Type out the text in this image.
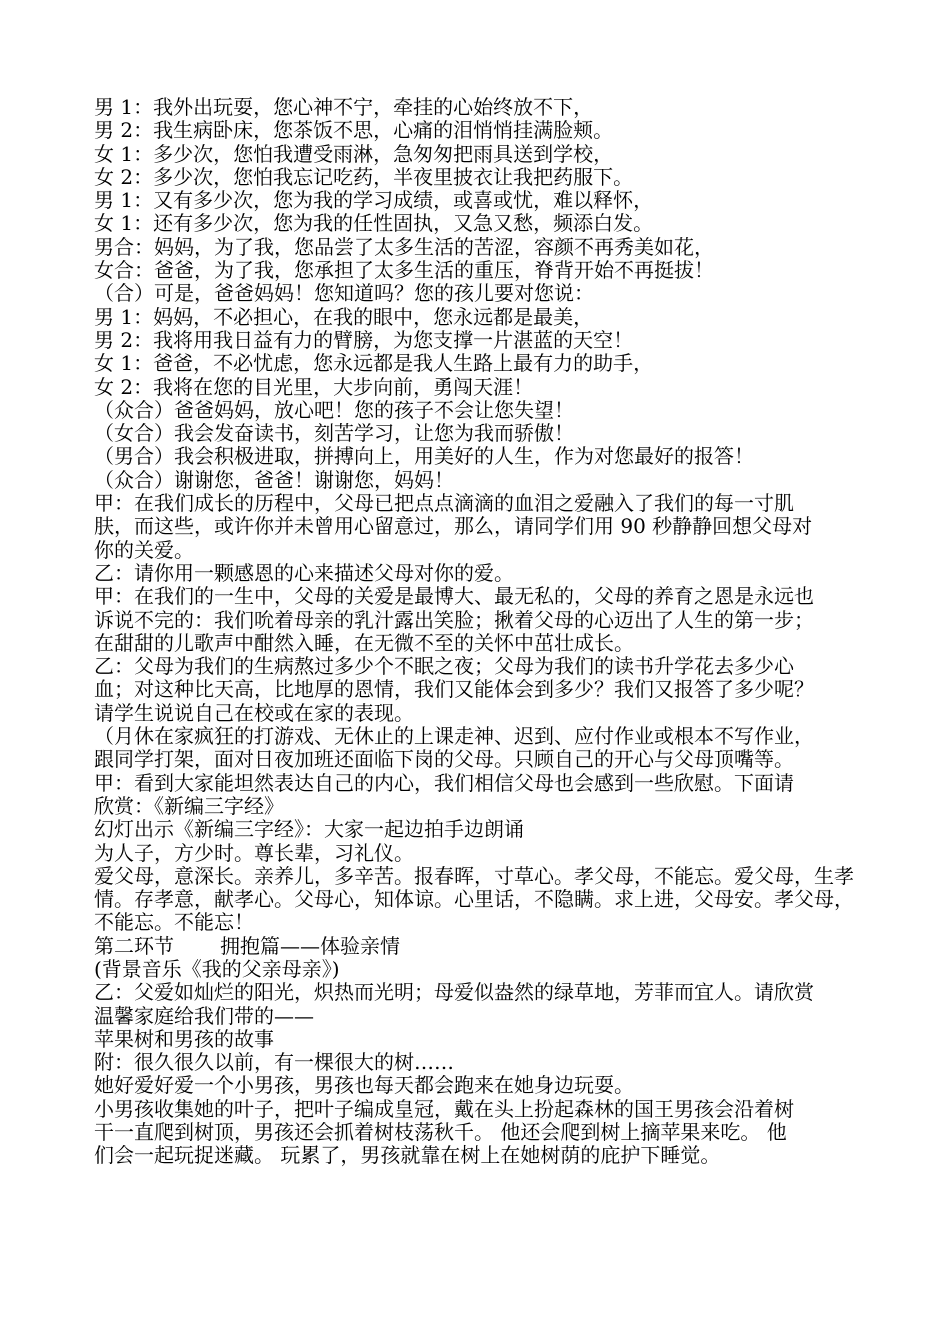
男 1：我外出玩耍，您心神不宁，牵挂的心始终放不下，
男 2：我生病卧床，您茶饭不思，心痛的泪悄悄挂满脸颊。
女 1：多少次，您怕我遭受雨淋，急匆匆把雨具送到学校，
女 2：多少次，您怕我忘记吃药，半夜里披衣让我把药服下。
男 1：又有多少次，您为我的学习成绩，或喜或忧，难以释怀，
女 1：还有多少次，您为我的任性固执，又急又愁，频添白发。
男合：妈妈，为了我，您品尝了太多生活的苦涩，容颜不再秀美如花，
女合：爸爸，为了我，您承担了太多生活的重压，脊背开始不再挺拔！
（合）可是，爸爸妈妈！您知道吗？您的孩儿要对您说：
男 1：妈妈，不必担心，在我的眼中，您永远都是最美，
男 2：我将用我日益有力的臂膀，为您支撑一片湛蓝的天空！
女 1：爸爸，不必忧虑，您永远都是我人生路上最有力的助手，
女 2：我将在您的目光里，大步向前，勇闯天涯！
（众合）爸爸妈妈，放心吧！您的孩子不会让您失望！
（女合）我会发奋读书，刻苦学习，让您为我而骄傲！
（男合）我会积极进取，拼搏向上，用美好的人生，作为对您最好的报答！
（众合）谢谢您，爸爸！谢谢您，妈妈！
甲：在我们成长的历程中，父母已把点点滴滴的血泪之爱融入了我们的每一寸肌
肤，而这些，或许你并未曾用心留意过，那么，请同学们用 90 秒静静回想父母对
你的关爱。
乙：请你用一颗感恩的心来描述父母对你的爱。
甲：在我们的一生中，父母的关爱是最博大、最无私的，父母的养育之恩是永远也
诉说不完的：我们吮着母亲的乳汁露出笑脸；揪着父母的心迈出了人生的第一步；
在甜甜的儿歌声中酣然入睡，在无微不至的关怀中茁壮成长。
乙：父母为我们的生病熬过多少个不眠之夜；父母为我们的读书升学花去多少心
血；对这种比天高，比地厚的恩情，我们又能体会到多少？我们又报答了多少呢？
请学生说说自己在校或在家的表现。
（月休在家疯狂的打游戏、无休止的上课走神、迟到、应付作业或根本不写作业，
跟同学打架，面对日夜加班还面临下岗的父母。只顾自己的开心与父母顶嘴等。
甲：看到大家能坦然表达自己的内心，我们相信父母也会感到一些欣慰。下面请
欣赏：《新编三字经》
幻灯出示《新编三字经》：大家一起边拍手边朗诵
为人子，方少时。尊长辈，习礼仪。
爱父母，意深长。亲养儿，多辛苦。报春晖，寸草心。孝父母，不能忘。爱父母，生孝
情。存孝意，献孝心。父母心，知体谅。心里话，不隐瞒。求上进，父母安。孝父母，
不能忘。不能忘！
第二环节 拥抱篇——体验亲情
(背景音乐《我的父亲母亲》)
乙：父爱如灿烂的阳光，炽热而光明；母爱似盎然的绿草地，芳菲而宜人。请欣赏
温馨家庭给我们带的——
苹果树和男孩的故事
附：很久很久以前，有一棵很大的树……
她好爱好爱一个小男孩，男孩也每天都会跑来在她身边玩耍。
小男孩收集她的叶子，把叶子编成皇冠，戴在头上扮起森林的国王男孩会沿着树
干一直爬到树顶，男孩还会抓着树枝荡秋千。 他还会爬到树上摘苹果来吃。 他
们会一起玩捉迷藏。 玩累了，男孩就靠在树上在她树荫的庇护下睡觉。
